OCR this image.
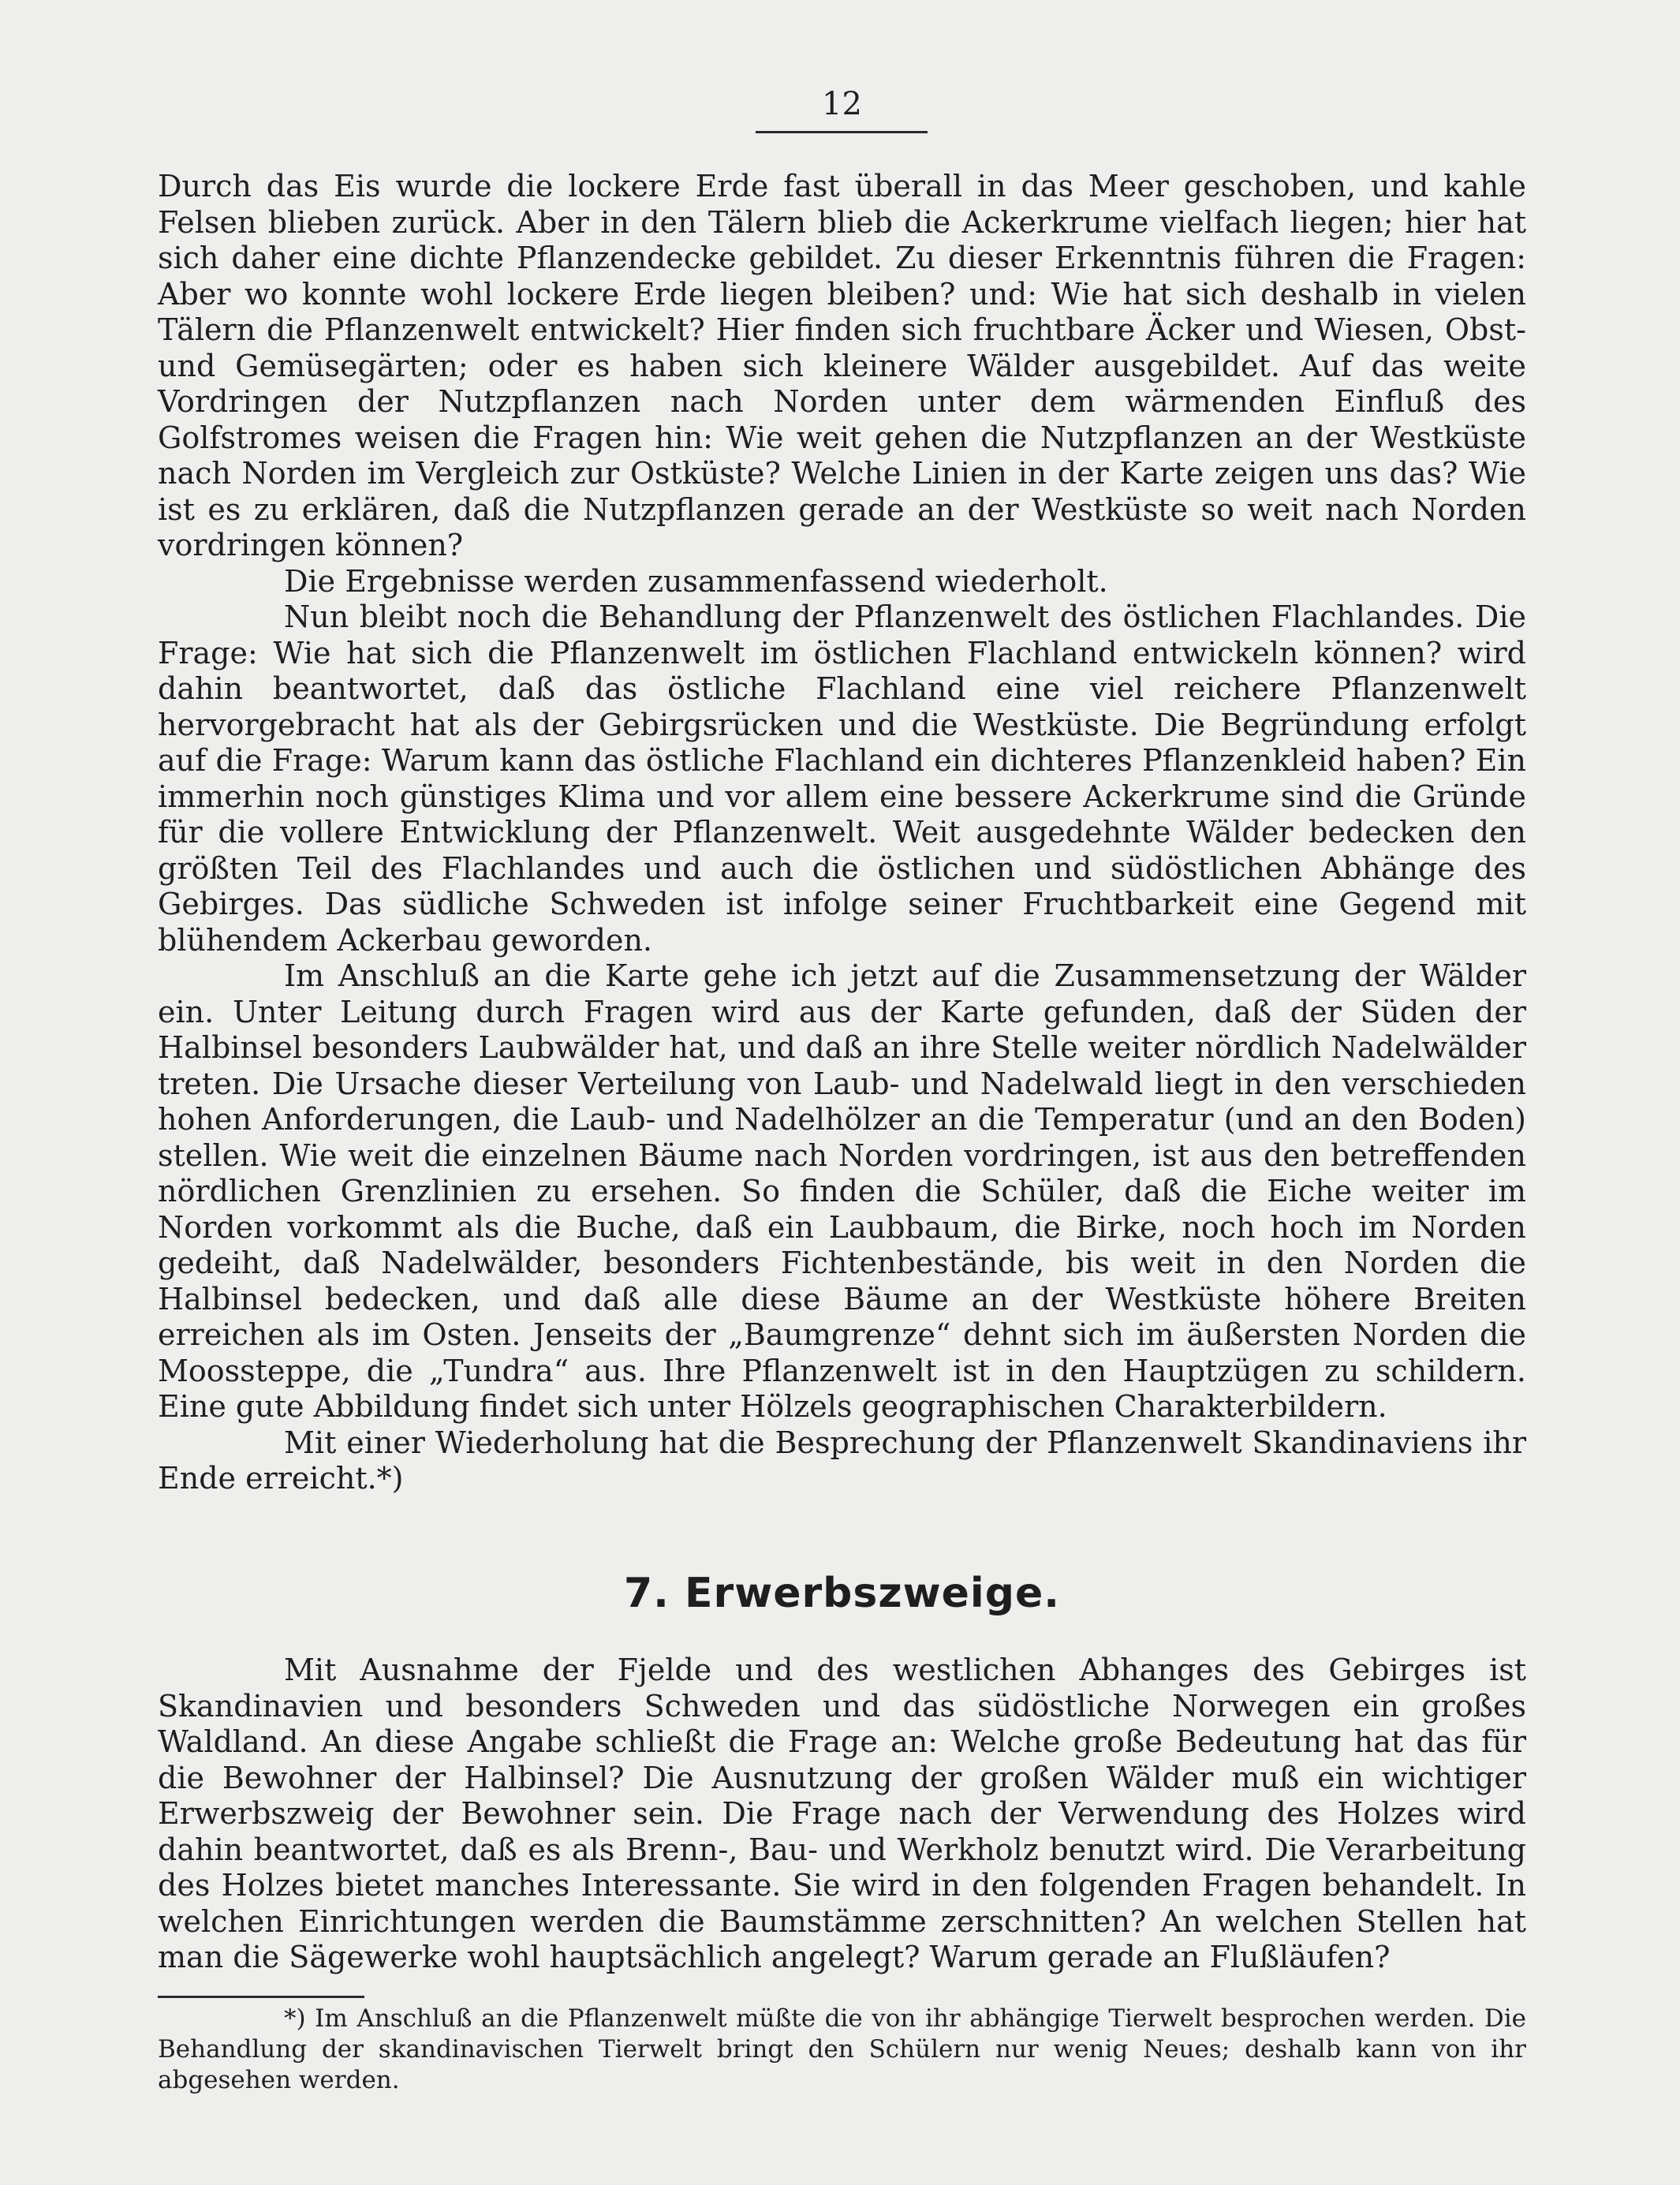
12

Durch das Eis wurde die lockere Erde fast überall in das Meer geschoben, und kahle Felsen blieben zurück. Aber in den Tälern blieb die Ackerkrume vielfach liegen; hier hat sich daher eine dichte Pflanzendecke gebildet. Zu dieser Erkenntnis führen die Fragen: Aber wo konnte wohl lockere Erde liegen bleiben? und: Wie hat sich deshalb in vielen Tälern die Pflanzenwelt entwickelt? Hier finden sich fruchtbare Äcker und Wiesen, Obst- und Gemüsegärten; oder es haben sich kleinere Wälder ausgebildet. Auf das weite Vordringen der Nutzpflanzen nach Norden unter dem wärmenden Einfluß des Golfstromes weisen die Fragen hin: Wie weit gehen die Nutzpflanzen an der Westküste nach Norden im Vergleich zur Ostküste? Welche Linien in der Karte zeigen uns das? Wie ist es zu erklären, daß die Nutzpflanzen gerade an der Westküste so weit nach Norden vordringen können?

Die Ergebnisse werden zusammenfassend wiederholt.

Nun bleibt noch die Behandlung der Pflanzenwelt des östlichen Flachlandes. Die Frage: Wie hat sich die Pflanzenwelt im östlichen Flachland entwickeln können? wird dahin beantwortet, daß das östliche Flachland eine viel reichere Pflanzenwelt hervorgebracht hat als der Gebirgsrücken und die Westküste. Die Begründung erfolgt auf die Frage: Warum kann das östliche Flachland ein dichteres Pflanzenkleid haben? Ein immerhin noch günstiges Klima und vor allem eine bessere Ackerkrume sind die Gründe für die vollere Entwicklung der Pflanzenwelt. Weit ausgedehnte Wälder bedecken den größten Teil des Flachlandes und auch die östlichen und südöstlichen Abhänge des Gebirges. Das südliche Schweden ist infolge seiner Fruchtbarkeit eine Gegend mit blühendem Ackerbau geworden.

Im Anschluß an die Karte gehe ich jetzt auf die Zusammensetzung der Wälder ein. Unter Leitung durch Fragen wird aus der Karte gefunden, daß der Süden der Halbinsel besonders Laubwälder hat, und daß an ihre Stelle weiter nördlich Nadelwälder treten. Die Ursache dieser Verteilung von Laub- und Nadelwald liegt in den verschieden hohen Anforderungen, die Laub- und Nadelhölzer an die Temperatur (und an den Boden) stellen. Wie weit die einzelnen Bäume nach Norden vordringen, ist aus den betreffenden nördlichen Grenzlinien zu ersehen. So finden die Schüler, daß die Eiche weiter im Norden vorkommt als die Buche, daß ein Laubbaum, die Birke, noch hoch im Norden gedeiht, daß Nadelwälder, besonders Fichtenbestände, bis weit in den Norden die Halbinsel bedecken, und daß alle diese Bäume an der Westküste höhere Breiten erreichen als im Osten. Jenseits der „Baumgrenze“ dehnt sich im äußersten Norden die Moossteppe, die „Tundra“ aus. Ihre Pflanzenwelt ist in den Hauptzügen zu schildern. Eine gute Abbildung findet sich unter Hölzels geographischen Charakterbildern.

Mit einer Wiederholung hat die Besprechung der Pflanzenwelt Skandinaviens ihr Ende erreicht.*)

7. Erwerbszweige.

Mit Ausnahme der Fjelde und des westlichen Abhanges des Gebirges ist Skandinavien und besonders Schweden und das südöstliche Norwegen ein großes Waldland. An diese Angabe schließt die Frage an: Welche große Bedeutung hat das für die Bewohner der Halbinsel? Die Ausnutzung der großen Wälder muß ein wichtiger Erwerbszweig der Bewohner sein. Die Frage nach der Verwendung des Holzes wird dahin beantwortet, daß es als Brenn-, Bau- und Werkholz benutzt wird. Die Verarbeitung des Holzes bietet manches Interessante. Sie wird in den folgenden Fragen behandelt. In welchen Einrichtungen werden die Baumstämme zerschnitten? An welchen Stellen hat man die Sägewerke wohl hauptsächlich angelegt? Warum gerade an Flußläufen?

*) Im Anschluß an die Pflanzenwelt müßte die von ihr abhängige Tierwelt besprochen werden. Die Behandlung der skandinavischen Tierwelt bringt den Schülern nur wenig Neues; deshalb kann von ihr abgesehen werden.
